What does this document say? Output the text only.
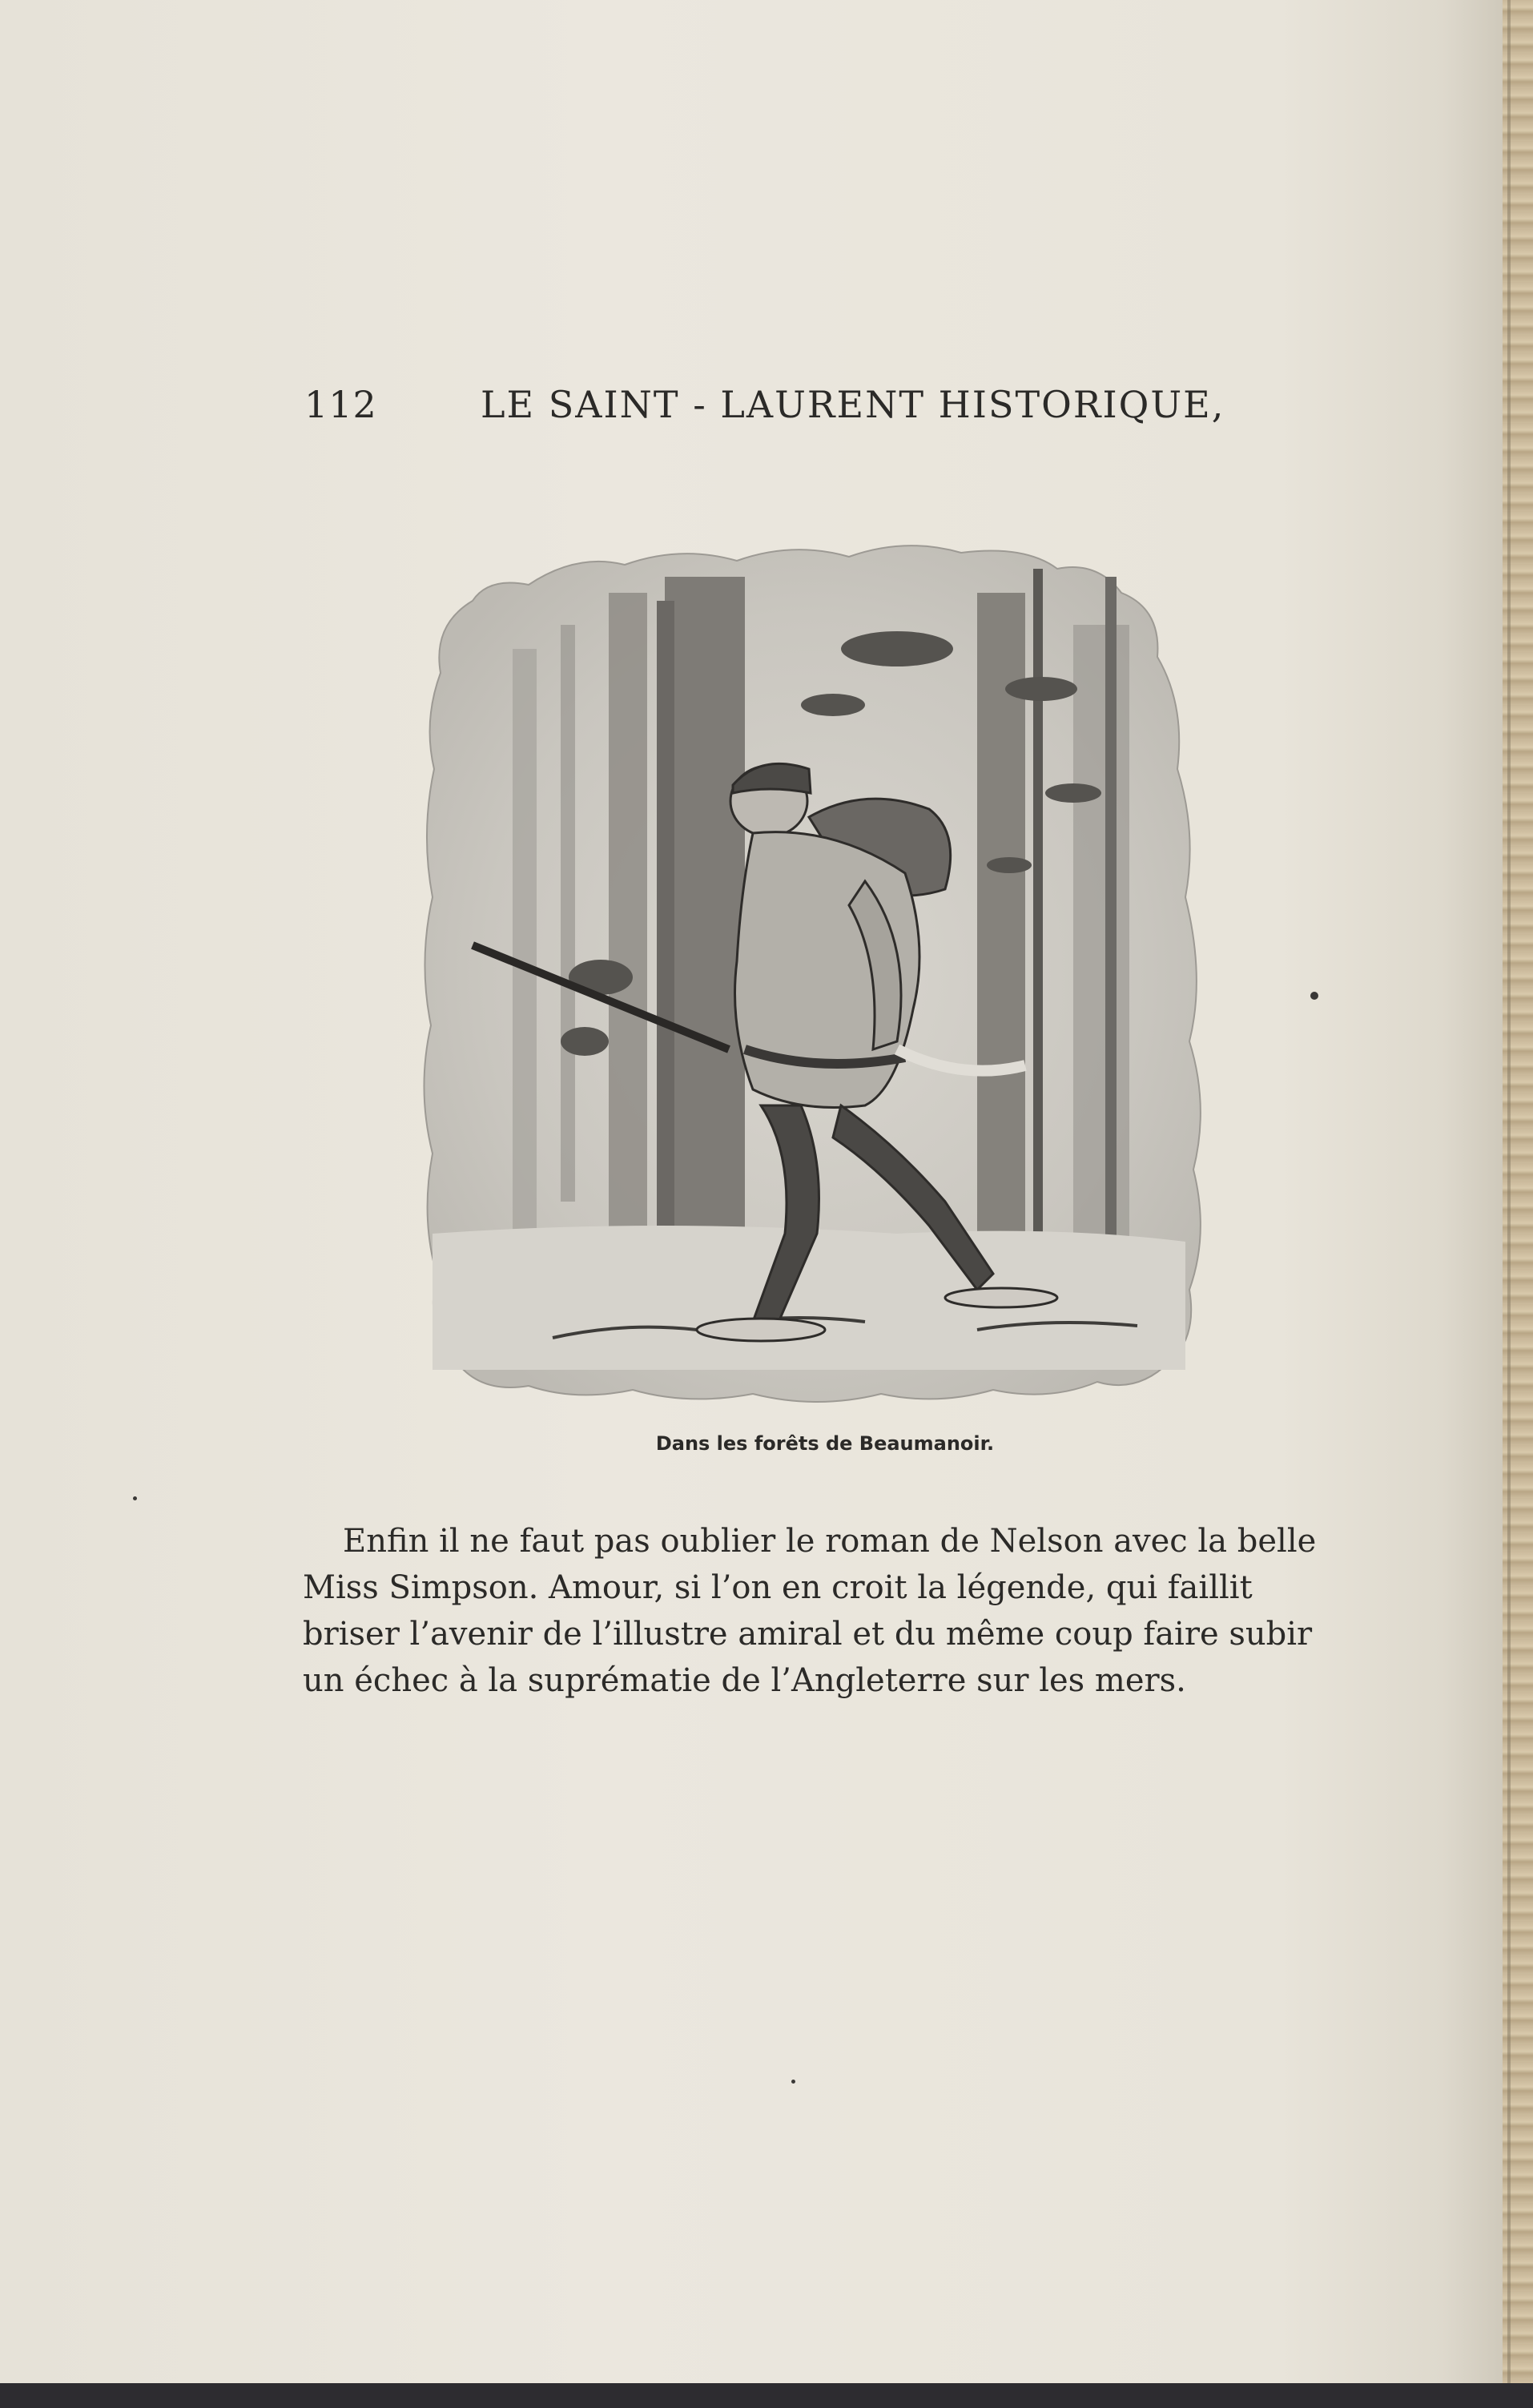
112	LE SAINT - LAURENT HISTORIQUE,
Dans les forêts de Beaumanoir.
Enfin il ne faut pas oublier le roman de Nelson avec la belle
Miss Simpson. Amour, si l’on en croit la légende, qui faillit
briser l’avenir de l’illustre amiral et du même coup faire subir
un échec à la suprématie de l’Angleterre sur les mers.
